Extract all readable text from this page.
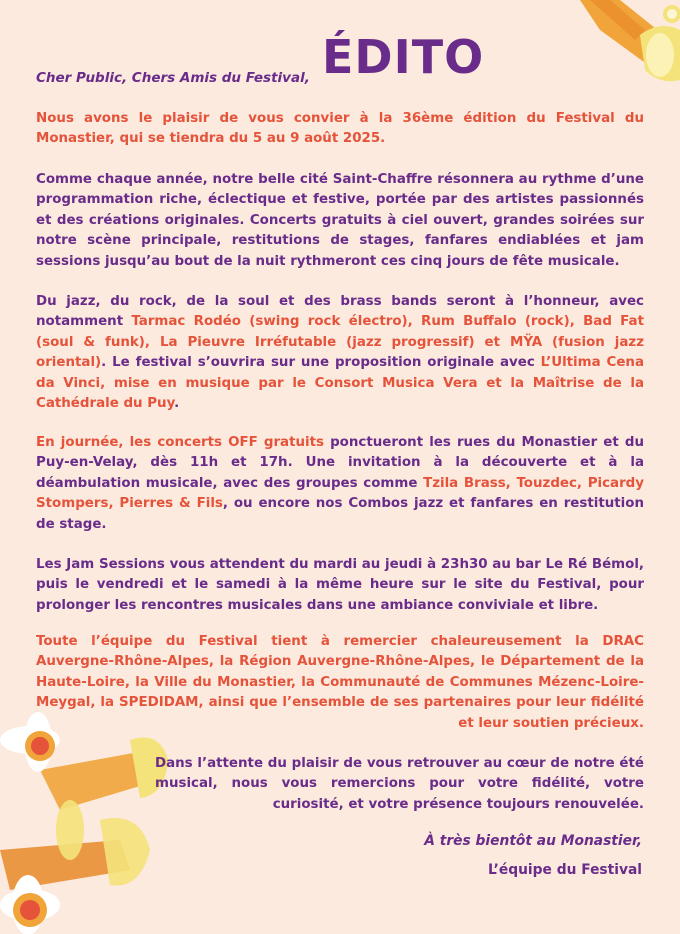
Cher Public, Chers Amis du Festival, ÉDITO

Nous avons le plaisir de vous convier à la 36ème édition du Festival du Monastier, qui se tiendra du 5 au 9 août 2025.

Comme chaque année, notre belle cité Saint-Chaffre résonnera au rythme d’une programmation riche, éclectique et festive, portée par des artistes passionnés et des créations originales. Concerts gratuits à ciel ouvert, grandes soirées sur notre scène principale, restitutions de stages, fanfares endiablées et jam sessions jusqu’au bout de la nuit rythmeront ces cinq jours de fête musicale.

Du jazz, du rock, de la soul et des brass bands seront à l’honneur, avec notamment Tarmac Rodéo (swing rock électro), Rum Buffalo (rock), Bad Fat (soul & funk), La Pieuvre Irréfutable (jazz progressif) et MŸA (fusion jazz oriental). Le festival s’ouvrira sur une proposition originale avec L’Ultima Cena da Vinci, mise en musique par le Consort Musica Vera et la Maîtrise de la Cathédrale du Puy.

En journée, les concerts OFF gratuits ponctueront les rues du Monastier et du Puy-en-Velay, dès 11h et 17h. Une invitation à la découverte et à la déambulation musicale, avec des groupes comme Tzila Brass, Touzdec, Picardy Stompers, Pierres & Fils, ou encore nos Combos jazz et fanfares en restitution de stage.

Les Jam Sessions vous attendent du mardi au jeudi à 23h30 au bar Le Ré Bémol, puis le vendredi et le samedi à la même heure sur le site du Festival, pour prolonger les rencontres musicales dans une ambiance conviviale et libre.

Toute l’équipe du Festival tient à remercier chaleureusement la DRAC Auvergne-Rhône-Alpes, la Région Auvergne-Rhône-Alpes, le Département de la Haute-Loire, la Ville du Monastier, la Communauté de Communes Mézenc-Loire-Meygal, la SPEDIDAM, ainsi que l’ensemble de ses partenaires pour leur fidélité et leur soutien précieux.

Dans l’attente du plaisir de vous retrouver au cœur de notre été musical, nous vous remercions pour votre fidélité, votre curiosité, et votre présence toujours renouvelée.

À très bientôt au Monastier,
L’équipe du Festival
